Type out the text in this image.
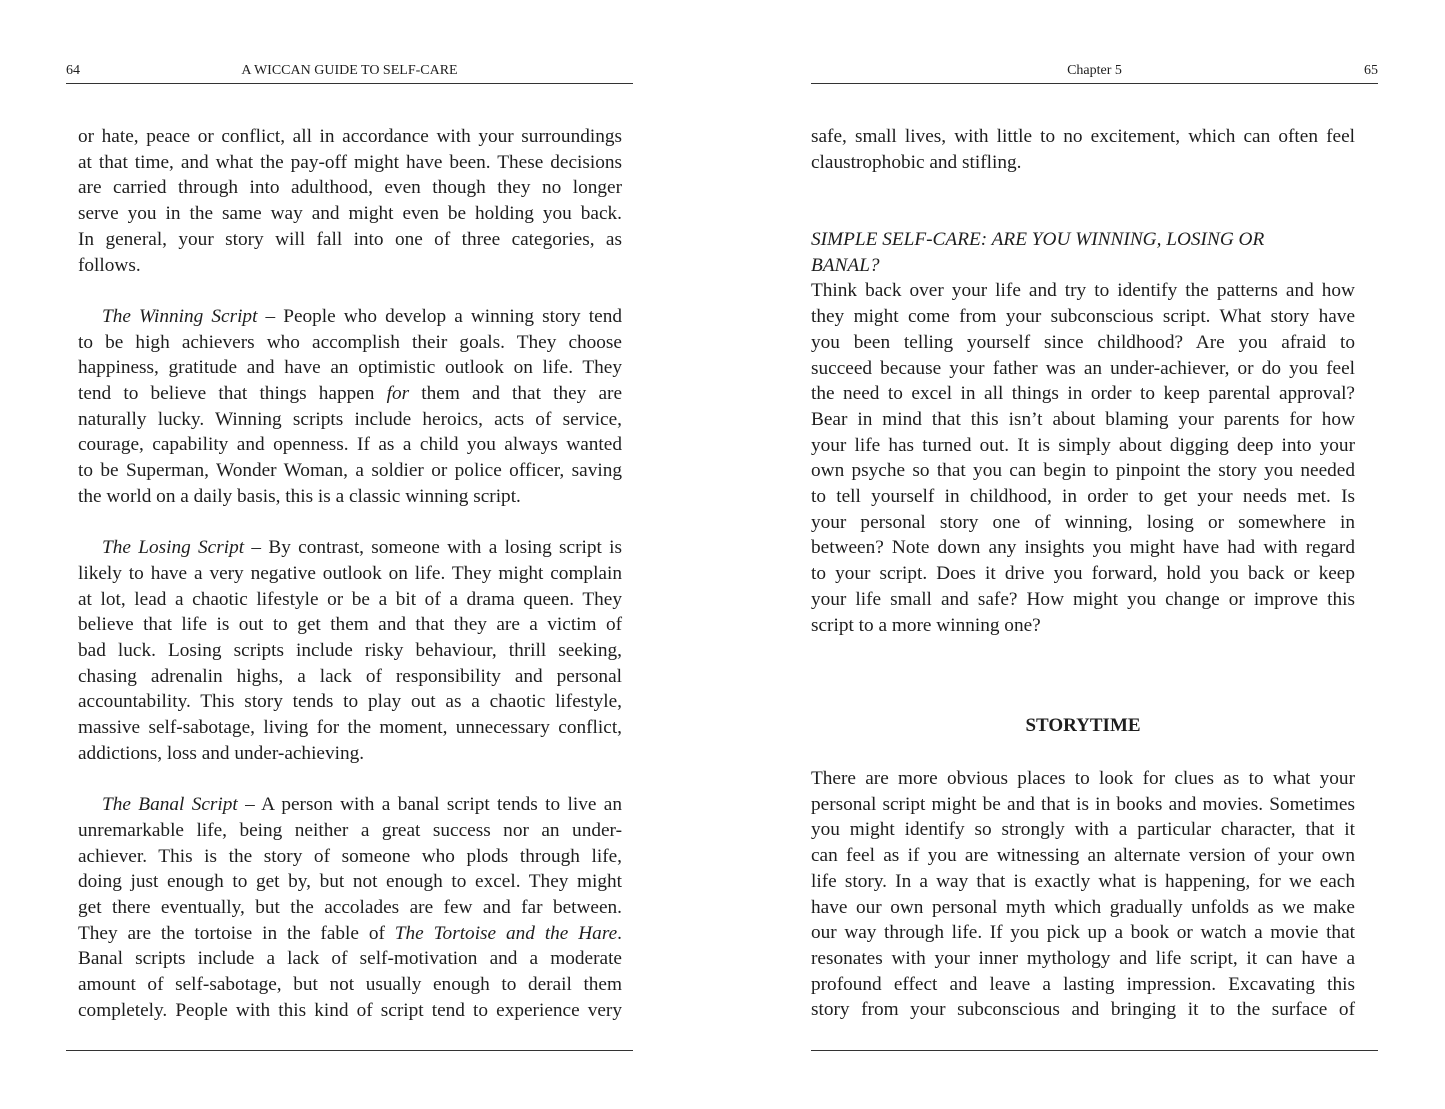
64	A WICCAN GUIDE TO SELF-CARE
or hate, peace or conflict, all in accordance with your surroundings
at that time, and what the pay-off might have been. These decisions
are carried through into adulthood, even though they no longer
serve you in the same way and might even be holding you back.
In general, your story will fall into one of three categories, as
follows.
The Winning Script – People who develop a winning story tend
to be high achievers who accomplish their goals. They choose
happiness, gratitude and have an optimistic outlook on life. They
tend to believe that things happen for them and that they are
naturally lucky. Winning scripts include heroics, acts of service,
courage, capability and openness. If as a child you always wanted
to be Superman, Wonder Woman, a soldier or police officer, saving
the world on a daily basis, this is a classic winning script.
The Losing Script – By contrast, someone with a losing script is
likely to have a very negative outlook on life. They might complain
at lot, lead a chaotic lifestyle or be a bit of a drama queen. They
believe that life is out to get them and that they are a victim of
bad luck. Losing scripts include risky behaviour, thrill seeking,
chasing adrenalin highs, a lack of responsibility and personal
accountability. This story tends to play out as a chaotic lifestyle,
massive self-sabotage, living for the moment, unnecessary conflict,
addictions, loss and under-achieving.
The Banal Script – A person with a banal script tends to live an
unremarkable life, being neither a great success nor an under-
achiever. This is the story of someone who plods through life,
doing just enough to get by, but not enough to excel. They might
get there eventually, but the accolades are few and far between.
They are the tortoise in the fable of The Tortoise and the Hare.
Banal scripts include a lack of self-motivation and a moderate
amount of self-sabotage, but not usually enough to derail them
completely. People with this kind of script tend to experience very
Chapter 5	65
safe, small lives, with little to no excitement, which can often feel
claustrophobic and stifling.
SIMPLE SELF-CARE: ARE YOU WINNING, LOSING OR
BANAL?
Think back over your life and try to identify the patterns and how
they might come from your subconscious script. What story have
you been telling yourself since childhood? Are you afraid to
succeed because your father was an under-achiever, or do you feel
the need to excel in all things in order to keep parental approval?
Bear in mind that this isn’t about blaming your parents for how
your life has turned out. It is simply about digging deep into your
own psyche so that you can begin to pinpoint the story you needed
to tell yourself in childhood, in order to get your needs met. Is
your personal story one of winning, losing or somewhere in
between? Note down any insights you might have had with regard
to your script. Does it drive you forward, hold you back or keep
your life small and safe? How might you change or improve this
script to a more winning one?
There are more obvious places to look for clues as to what your
personal script might be and that is in books and movies. Sometimes
you might identify so strongly with a particular character, that it
can feel as if you are witnessing an alternate version of your own
life story. In a way that is exactly what is happening, for we each
have our own personal myth which gradually unfolds as we make
our way through life. If you pick up a book or watch a movie that
resonates with your inner mythology and life script, it can have a
profound effect and leave a lasting impression. Excavating this
story from your subconscious and bringing it to the surface of
STORYTIME
